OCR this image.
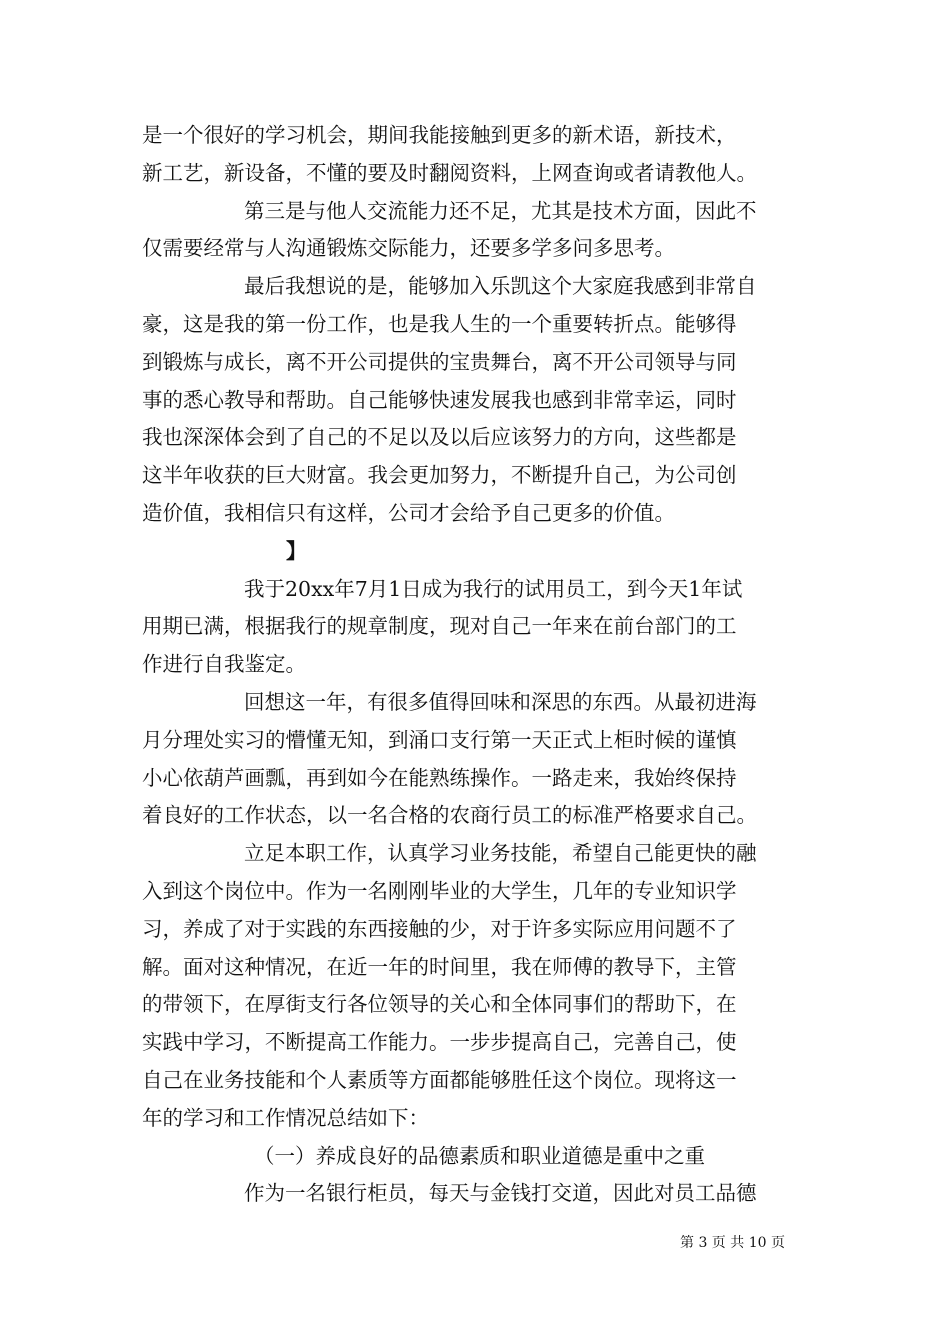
是一个很好的学习机会，期间我能接触到更多的新术语，新技术，
新工艺，新设备，不懂的要及时翻阅资料，上网查询或者请教他人。
第三是与他人交流能力还不足，尤其是技术方面，因此不
仅需要经常与人沟通锻炼交际能力，还要多学多问多思考。
最后我想说的是，能够加入乐凯这个大家庭我感到非常自
豪，这是我的第一份工作，也是我人生的一个重要转折点。能够得
到锻炼与成长，离不开公司提供的宝贵舞台，离不开公司领导与同
事的悉心教导和帮助。自己能够快速发展我也感到非常幸运，同时
我也深深体会到了自己的不足以及以后应该努力的方向，这些都是
这半年收获的巨大财富。我会更加努力，不断提升自己，为公司创
造价值，我相信只有这样，公司才会给予自己更多的价值。
】
我于20xx年7月1日成为我行的试用员工，到今天1年试
用期已满，根据我行的规章制度，现对自己一年来在前台部门的工
作进行自我鉴定。
回想这一年，有很多值得回味和深思的东西。从最初进海
月分理处实习的懵懂无知，到涌口支行第一天正式上柜时候的谨慎
小心依葫芦画瓢，再到如今在能熟练操作。一路走来，我始终保持
着良好的工作状态，以一名合格的农商行员工的标准严格要求自己。
立足本职工作，认真学习业务技能，希望自己能更快的融
入到这个岗位中。作为一名刚刚毕业的大学生，几年的专业知识学
习，养成了对于实践的东西接触的少，对于许多实际应用问题不了
解。面对这种情况，在近一年的时间里，我在师傅的教导下，主管
的带领下，在厚街支行各位领导的关心和全体同事们的帮助下，在
实践中学习，不断提高工作能力。一步步提高自己，完善自己，使
自己在业务技能和个人素质等方面都能够胜任这个岗位。现将这一
年的学习和工作情况总结如下：
（一）养成良好的品德素质和职业道德是重中之重
作为一名银行柜员，每天与金钱打交道，因此对员工品德
第 3 页 共 10 页
